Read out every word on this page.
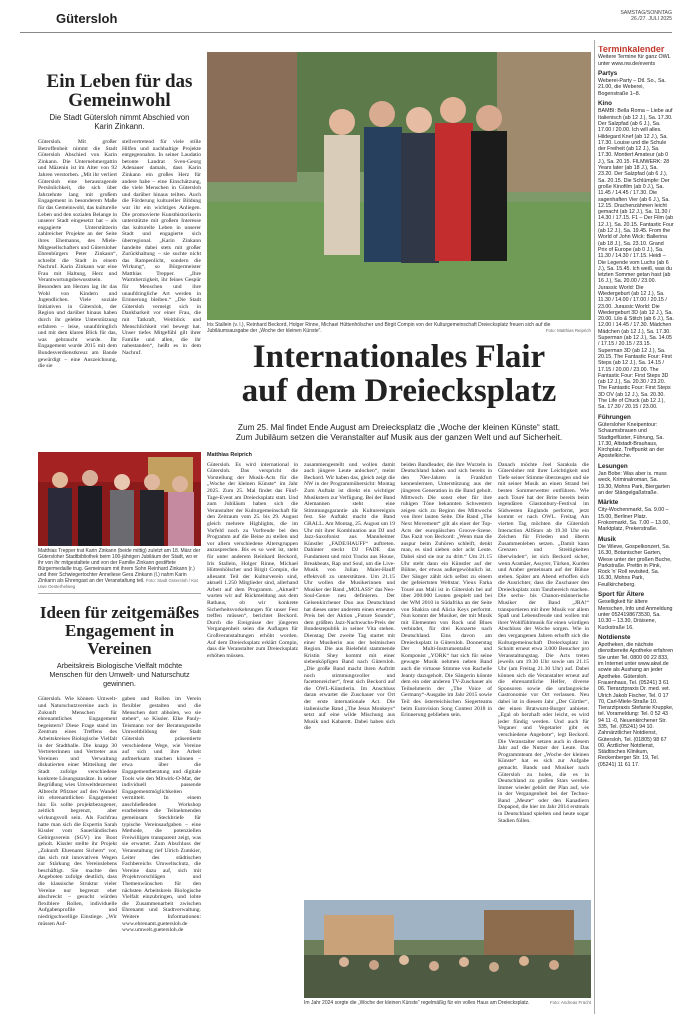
Gütersloh	SAMSTAG/SONNTAG
26./27. JULI 2025
Ein Leben für das Gemeinwohl
Die Stadt Gütersloh nimmt Abschied von Karin Zinkann.
Gütersloh. Mit großer Betroffenheit nimmt die Stadt Gütersloh Abschied von Karin Zinkann. Die Unternehmergattin und Mäzenin ist im Alter von 92 Jahren verstorben. „Mit ihr verliert Gütersloh eine herausragende Persönlichkeit, die sich über Jahrzehnte lang mit großem Engagement in besonderem Maße für das Gemeinwohl, das kulturelle Leben und den sozialen Belange in unserer Stadt eingesetzt hat – als engagierte Unterstützerin zahlreicher Projekte an der Seite ihres Ehemanns, des Miele-Mitgesellschafters und Gütersloher Ehrenbürgers Peter Zinkann“, schreibt die Stadt in einem Nachruf. Karin Zinkann war eine Frau mit Haltung, Herz und Verantwortungsbewusstsein. Besonders am Herzen lag ihr das Wohl von Kindern und Jugendlichen. Viele soziale Initiativen in Gütersloh, der Region und darüber hinaus haben durch ihr gelebte Unterstützung erfahren – leise, unaufdringlich und mit dem klaren Blick für das, was gebraucht wurde. Ihr Engagement wurde 2015 mit dem Bundesverdienstkreuz am Bande gewürdigt – eine Auszeichnung, die sie
stellvertretend für viele stille Hilfen und nachhaltige Projekte entgegennahm. In seiner Laudatio betonte Landrat Sven-Georg Adenauer damals, dass Karin Zinkann ein großes Herz für andere habe – eine Einschätzung, die viele Menschen in Gütersloh und darüber hinaus teilten. Auch die Förderung kultureller Bildung war ihr ein wichtiges Anliegen. Die promovierte Kunsthistorikerin unterstützte mit großem Interesse das kulturelle Leben in unserer Stadt und engagierte sich überregional. „Karin Zinkann handelte dabei stets mit großer Zurückhaltung – sie suchte nicht das Rampenlicht, sondern die Wirkung“, so Bürgermeister Matthias Trepper. „Ihre Warmherzigkeit, ihr feines Gespür für Menschen und ihre unaufdringliche Art werden in Erinnerung bleiben.“ „Die Stadt Gütersloh verneigt sich in Dankbarkeit vor einer Frau, die mit Tatkraft, Weitblick und Menschlichkeit viel bewegt hat. Unser tiefes Mitgefühl gilt ihrer Familie und allen, die ihr nahestanden“, heißt es in dem Nachruf.
Matthias Trepper trat Karin Zinkann (beide mittig) zuletzt am 18. März der Gütersloher Stadtbibliothek beim 100-jährigen Jubiläum der Stadt, wo er ihr von ihr mitgestaltete und von der Familie Zinkann gestiftete Bürgermedaille trug. Gemeinsam mit ihrem Sohn Reinhard Zinkann (r.) und ihrer Schwiegertochter Anneliese Gera Zinkann (l.) nahm Karin Zinkann als Ehrengast an der Veranstaltung teil. Foto: Stadt Gütersloh / Kat Uwe Oesterhelweg
Ideen für zeitgemäßes Engagement in Vereinen
Arbeitskreis Biologische Vielfalt möchte Menschen für den Umwelt- und Naturschutz gewinnen.
Gütersloh. Wie können Umwelt- und Naturschutzvereine auch in Zukunft Menschen für ehrenamtliches Engagement begeistern? Diese Frage stand im Zentrum eines Treffens des Arbeitskreises Biologische Vielfalt in der Stadthalle. Die knapp 30 Vertreterinnen und Vertreter aus Vereinen und Verwaltung diskutierten einer Mitteilung der Stadt zufolge verschiedene konkrete Lösungsansätze. In seiner Begrüßung wies Umweltdezernent Albrecht Pfitzner auf den Wandel im ehrenamtlichen Engagement hin: Es sollte projektbezogener, zeitlich begrenzt, aber wirkungsvoll sein. Als Fachfrau hatte man sich die Expertin Sarah Kissler vom Sauerländischen Gebirgsverein (SGV) ins Boot geholt. Kissler stellte ihr Projekt „Zukunft Ehrenamt Sichern“ vor, das sich mit innovativen Wegen zur Stärkung des Vereinslebens beschäftigt. Sie machte den Angeboten zufolge deutlich, dass die klassische Struktur vieler Vereine nur begrenzt eher abschreckt – gesucht würden flexiblere Rollen, individuelle Aufgabenprofile und niedrigschwellige Einstiege. „Wir müssen Auf-
gaben und Rollen im Verein flexibler gestalten und die Menschen dort abholen, wo sie stehen“, so Kissler. Elke Pauly-Teismann vor der Beratungsstelle Umweltbildung der Stadt Gütersloh präsentierte verschiedene Wege, wie Vereine auf sich und ihre Arbeit aufmerksam machen können – etwa über die Engagementberatung und digitale Tools wie den Mitwirk-O-Mat, der individuell passende Engagementmöglichkeiten vermittelt. In einem anschließenden Workshop erarbeiteten die Teilnehmenden gemeinsam Steckbriefe für typische Vereinsaufgaben – eine Methode, die potenziellen Freiwilligen transparent zeigt, was sie erwartet. Zum Abschluss der Veranstaltung rief Ulrich Zumkier, Leiter des städtischen Fachbereichs Umweltschutz, die Vereine dazu auf, sich mit Projektvorschlägen und Themenwünschen für den nächsten Arbeitskreis Biologische Vielfalt einzubringen, und lobte die Zusammenarbeit zwischen Ehrenamt und Stadtverwaltung. Weitere Informationen: www.ehrenamt.guetersloh.de www.umwelt.guetersloh.de
Iris Stallein (v. l.), Reinhard Beckord, Holger Rinne, Michael Hüttenhölscher und Birgit Compin von der Kulturgemeinschaft Dreiecksplatz freuen sich auf die Jubiläumsausgabe der „Woche der kleinen Künste“.	Foto: Matthias Reiprich
Internationales Flair
auf dem Dreiecksplatz
Zum 25. Mal findet Ende August am Dreiecksplatz die „Woche der kleinen Künste“ statt.
Zum Jubiläum setzen die Veranstalter auf Musik aus der ganzen Welt und auf Sicherheit.
Matthias Reiprich
Gütersloh. Es wird international in Gütersloh. Das verspricht die Vorstellung der Musik-Acts für die „Woche der kleinen Künste“ im Jahr 2025. Zum 25. Mal findet das Fünf-Tage-Event am Dreiecksplatz statt. Und zum Jubiläum haben sich die Veranstalter der Kulturgemeinschaft für den Zeitraum vom 25. bis 29. August gleich mehrere Highlights, die im Vorfeld noch zu Vorfreude bei den Programm auf die Beine zu stellen und vor allem verschiedene Altersgruppen anzusprechen. Bis es so weit ist, steht für unter anderem Reinhard Beckord, Iris Stallein, Holger Rinne, Michael Hüttenhölscher und Birgit Compin, die allesamt Teil der Kulturverein sind, aktuell 1.250 Mitglieder sind, allerhand Arbeit auf dem Programm. „Aktuell“ warten wir auf Rückmeldung aus dem Rathaus, ob wir konkrete Sicherheitsvorkehrungen für unser Fest treffen müssen“, berichtet Beckord. Durch die Ereignisse der jüngeren Vergangenheit seien die Auflagen für Großveranstaltungen erhöht worden. Auf dem Dreiecksplatz erklärt Compin, dass die Veranstalter zum Dreiecksplatz erhöhen müssen.
zusammengestellt und wollen damit auch jüngere Leute anlocken“, meint Beckord. Wir haben das, gleich zeigt die NW in der Programmübersicht: Montag Zum Auftakt ist direkt ein wichtiger Musikstern zur Verfügung. Bei der Band Alemannen steht eine Stimmungsgarantie als Kulturereignis fest. Sie Auftakt macht die Band GRALL. Am Montag, 25. August um 19 Uhr mit ihrer Kombination aus DJ und Jazz-Saxofonist aus Mannheimer Künstler „FADE/HAUFF“ auftreten. Dahinter steckt DJ FADE das Fundament und mixt Tracks aus House, Breakbeats, Rap und Soul, um die Live-Musik von Julian Maier-Hauff effektvoll zu unterstützen. Um 21.15 Uhr wollen die Musikerinnen und Musiker der Band „MOLASS“ das Neo-Soul-Genre neu definieren. Der Gelsenkirchener Duo aus Deutschland hat dieses unter anderem einen erneuten Preis bei der Aktion „Future Sounds“, dem größten Jazz-Nachwuchs-Preis der Bundesrepublik in seiner Vita stehen. Dienstag Der zweite Tag startet mit einer Musikerin aus der heimischen Region. Die aus Bielefeld stammende Kristin Shey kommt mit einer siebenköpfigen Band nach Gütersloh. „Die große Band macht ihren Auftritt noch stimmungsvoller und facettenreicher“, freut sich Beckord auf die OWL-Künstlerin. Im Anschluss daran erwartet die Zuschauer vor Ort der erste internationale Act. Die italienische Band „The Jesus Monkeys“ setzt auf eine wilde Mischung aus Musik und Kabarett. Dabei haben sich die
beiden Bandleader, die ihre Wurzeln in Deutschland haben und sich bereits in den 70er-Jahren in Frankfurt kennenlernten, Unterstützung aus der jüngeren Generation in die Band geholt. Mittwoch Die sonst eher für ihre ruhigen Töne bekannten Schwestern zeigen sich zu Beginn des Mittwochs von ihrer lauten Seite. Die Band „The Next Movement“ gilt als einer der Top-Acts der europäischen Groove-Szene. Das Fazit von Beckord: „Wenn man die auspur beim Zuhören schleift, denkt man, es sind sieben oder acht Leute. Dabei sind sie nur zu dritt.“ Um 21.15 Uhr steht dann ein Künstler auf der Bühne, der etwas außergewöhnlich ist. Der Sänger zählt sich selbst zu einem der gefeiertsten Weltstar. Vieux Farka Touré aus Mali ist in Gütersloh bei auf über 200.000 Leuten gespielt und bei der WM 2010 in Südafrika an der Seite von Shakira und Alicia Keys performt. Nun kommt der Musiker, der mit Musik mit Elementen von Rock und Blues verbindet, für drei Konzerte nach Deutschland. Eins davon am Dreiecksplatz in Gütersloh. Donnerstag Der Multi-Instrumentalist und Komponist „YORK“ hat sich für seine gewagte Musik nehmen neben Band auch die virtuose Stimme von Rachelle Jeanty dazugeholt. Die Sängerin könnte dem ein oder anderen TV-Zuschauer als Teilnehmerin der „The Voice of Germany“-Ausgabe im Jahr 2015 sowie Teil des österreichischen Siegerteams beim Eurovision Song Contest 2018 in Erinnerung geblieben sein.
Danach möchte Joel Sarakula die Gütersloher mit ihrer Leichtigkeit und Tiefe seiner Stimme überzeugen und sie mit seiner Musik an einen Strand bei besten Sommerwetter entführen. Wie auch Touré hat der Brite bereits beim legendären Glastonbury-Festival im Südwesten Englands performt, jetzt kommt er nach OWL. Freitag Am vierten Tag möchten die Gütersloh Interaction AllStars ab 19.30 Uhr ein Zeichen für Frieden und überm Zusammenleben setzen. „Damit kann Grenzen und Streitigkeiten überwinden“, ist sich Beckord sicher, wenn Aramäer, Assyrer, Türken, Kurden und Araber gemeinsam auf der Bühne stehen. Später am Abend erhoffen sich die Ausrichter, dass die Zuschauer den Dreiecksplatz zum Tanzbereich machen. Die sechs- bis Chanon-männerische Musiker der Band „JRA!“ transportieren mit ihrer Musik vor allem Spaß und Lebensfreude und wollen mit ihrer Wohlfühlmusik für einen würdigen Abschluss der Woche sorgen. Wie in den vergangenen Jahren erhofft sich die Kulturgemeinschaft Dreiecksplatz im Schnitt erneut etwa 3.000 Besucher pro Veranstaltungstag. Die Acts treten jeweils um 19.30 Uhr sowie um 21.15 Uhr (am Freitag 21.30 Uhr) auf. Dabei können sich die Veranstalter erneut auf die ehrenamtliche Helfer, diverse Sponsoren sowie die umfangreiche Gastronomie vor Ort verlassen. Neu dabei ist in diesem Jahr „Der Gürtler“, der einen Bratwurst-Burger anbietet. „Egal ob herzhaft oder leicht, es wird jeder fündig werden. Und auch für Veganer und Vegetarier gibt es verschiedene Angebote“, legt Beckord. Die Veranstalter setzen auch in diesem Jahr auf die Nutzer der Leute. Das Programmteam der „Woche der kleinen Künste“ hat es sich zur Aufgabe gemacht. Bands und Musiker nach Gütersloh zu holen, die es in Deutschland zu großen Stars werden. Immer wieder gehört der Plan auf, wie in der Vergangenheit bei der Techno-Band „Meute“ oder den Kanadiern Dopapod, die hier im Jahr 2014 erstmals in Deutschland spielten und heute sogar Stadien füllen.
Im Jahr 2024 sorgte die „Woche der kleinen Künste“ regelmäßig für ein volles Haus am Dreiecksplatz.	Foto: Andreas Frücht
Terminkalender

Weitere Termine für ganz OWL unter www.nw.de/events

Partys

Weberei-Party – Dtl. So., Sa. 21.00, die Weberei, Bogenstraße 1–8.

Kino

BAMBI: Bella Roma – Liebe auf Italienisch (ab 12 J.), Sa. 17.30. Der Salzpfad (ab 6 J.), Sa. 17.00 / 20.00. Ich will alles. Hildegard Knef (ab 12 J.), Sa. 17.30. Louise und die Schule der Freiheit (ab 12 J.), Sa. 17.30. Montiert Amateur (ab 0 J.), Sa. 20.15. FILMWERK: 28 Years later (ab 18 J.), Sa. 23.20. Der Salzpfad (ab 6 J.), Sa. 20.15. Die Schlümpfe: Der große Kinofilm (ab 0 J.), Sa. 11.45 / 14.45 / 17.30. Die sagenhaften Vier (ab 6 J.), Sa. 12.15. Drachenzähmen leicht gemacht (ab 12 J.), Sa. 11.30 / 14.30 / 17.15. F1 – Der Film (ab 12 J.), Sa. 20.15. Fantastic Four (ab 12 J.), Sa. 19.45. From the World of John Wick: Ballerina (ab 18 J.), Sa. 23.10. Grand Prix of Europe (ab 0 J.), Sa. 11.30 / 14.30 / 17.15. Heidi – Die Legende vom Luchs (ab 6 J.), Sa. 15.45. Ich weiß, was du letzten Sommer getan hast (ab 16 J.), Sa. 20.00 / 23.00. Jurassic World: Die Wiedergeburt (ab 12 J.), Sa. 11.30 / 14.00 / 17.00 / 20.15 / 23.00. Jurassic World: Die Wiedergeburt 3D (ab 12 J.), Sa. 20.00. Lilo & Stitch (ab 6 J.), Sa. 12.00 / 14.45 / 17.30. Mädchen Mädchen (ab 12 J.), Sa. 17.30. Superman (ab 12 J.), Sa. 14.05 / 17.15 / 20.15 / 23.15. Superman 3D (ab 12 J.), Sa. 20.15. The Fantastic Four: First Steps (ab 12 J.), Sa. 14.15 / 17.15 / 20.00 / 23.00. The Fantastic Four: First Steps 3D (ab 12 J.), Sa. 20.30 / 23.20. The Fantastic Four: First Steps 3D OV (ab 12 J.), Sa. 20.30. The Life of Chuck (ab 12 J.), Sa. 17.30 / 20.15 / 23.00.

Führungen

Gütersloher Kneipentour: Schaumsbrauen und Stadtgeflüster, Führung, Sa. 17.30, Altstadt-Brauhaus, Kirchplatz, Treffpunkt an der Apostelkirche.

Lesungen

Jan Bobe: Was aber is. muss weck, Kriminalroman, Sa. 19.30, Mohns Park, Biergarten an der Stängelgaßstraße.

Märkte

City-Wochenmarkt, Sa. 9.00 – 15.00, Berliner Platz. Frokormarkt, Sa. 7.00 – 13.00, Marktplatz, Prekerstraße.

Musik

Die Wieve, Gospelkonzert, Sa. 16.30, Botanischer Garten, Wiese unter der großen Buche, Parkstraße. Prettin in Pink, Rock 'n' Roll revisited, Sa. 16.30, Mohns Park, Feuilkircheberg.

Sport für Ältere

Geselligkeit für ältere Menschen, Info und Anmeldung unter 0524198673530, Sa. 10.30 – 13.30, Dräisene, Kuckstraße 16.

Notdienste

Apotheken, die nächste dienstbereite Apotheke erfahren Sie unter Tel. 0800 00 22 833, im Internet unter www.akwl.de sowie als Aushang an jeder Apotheke. Gütersloh. Frauenhaus, Tel. (05241) 3 61 06. Tierarztpraxis Dr. med. vet. Ulrich Jakob Fischer, Tel. 0 17 70, Carl-Miele-Straße 10. Tierarztpraxis Stefanie Kruppke, tel. Vorameldung: Tel. 0 52 43 94 11 -0, Neuenkirchener Str. 335, Tel. (05241) 94 10. Zahnärztlicher Notdienst, Gütersloh, Tel. (01805) 98 67 00. Ärztlicher Notdienst, Städtisches Klinikum, Reckenberger Str. 19, Tel. (05241) 11 61 17.
